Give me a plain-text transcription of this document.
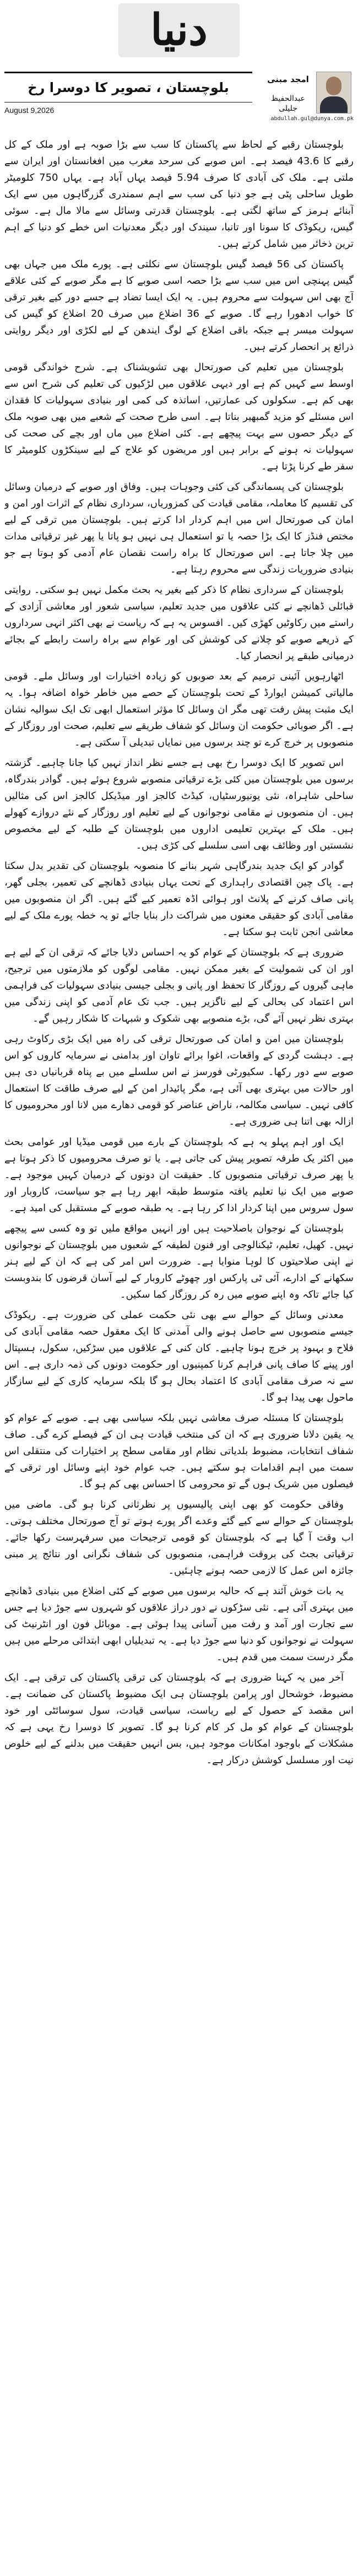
دنیا
بلوچستان ، تصویر کا دوسرا رخ
August 9,2026
امجد مبنی
عبدالحفیظ جلیلی
abdullah.gul@dunya.com.pk

بلوچستان رقبے کے لحاظ سے پاکستان کا سب سے بڑا صوبہ ہے اور ملک کے کل رقبے کا 43.6 فیصد ہے۔ اس صوبے کی سرحد مغرب میں افغانستان اور ایران سے ملتی ہے۔ ملک کی آبادی کا صرف 5.94 فیصد یہاں آباد ہے۔ یہاں 750 کلومیٹر طویل ساحلی پٹی ہے جو دنیا کی سب سے اہم سمندری گزرگاہوں میں سے ایک آبنائے ہرمز کے ساتھ لگتی ہے۔ بلوچستان قدرتی وسائل سے مالا مال ہے۔ سوئی گیس، ریکوڈک کا سونا اور تانبا، سیندک اور دیگر معدنیات اس خطے کو دنیا کے اہم ترین ذخائر میں شامل کرتے ہیں۔

پاکستان کی 56 فیصد گیس بلوچستان سے نکلتی ہے۔ پورے ملک میں جہاں بھی گیس پہنچی اس میں سب سے بڑا حصہ اسی صوبے کا ہے مگر صوبے کے کئی علاقے آج بھی اس سہولت سے محروم ہیں۔ یہ ایک ایسا تضاد ہے جسے دور کیے بغیر ترقی کا خواب ادھورا رہے گا۔ صوبے کے 36 اضلاع میں صرف 20 اضلاع کو گیس کی سہولت میسر ہے جبکہ باقی اضلاع کے لوگ ایندھن کے لیے لکڑی اور دیگر روایتی ذرائع پر انحصار کرتے ہیں۔

بلوچستان میں تعلیم کی صورتحال بھی تشویشناک ہے۔ شرح خواندگی قومی اوسط سے کہیں کم ہے اور دیہی علاقوں میں لڑکیوں کی تعلیم کی شرح اس سے بھی کم ہے۔ سکولوں کی عمارتیں، اساتذہ کی کمی اور بنیادی سہولیات کا فقدان اس مسئلے کو مزید گمبھیر بناتا ہے۔ اسی طرح صحت کے شعبے میں بھی صوبہ ملک کے دیگر حصوں سے بہت پیچھے ہے۔ کئی اضلاع میں ماں اور بچے کی صحت کی سہولیات نہ ہونے کے برابر ہیں اور مریضوں کو علاج کے لیے سینکڑوں کلومیٹر کا سفر طے کرنا پڑتا ہے۔

بلوچستان کی پسماندگی کی کئی وجوہات ہیں۔ وفاق اور صوبے کے درمیان وسائل کی تقسیم کا معاملہ، مقامی قیادت کی کمزوریاں، سرداری نظام کے اثرات اور امن و امان کی صورتحال اس میں اہم کردار ادا کرتے ہیں۔ بلوچستان میں ترقی کے لیے مختص فنڈز کا ایک بڑا حصہ یا تو استعمال ہی نہیں ہو پاتا یا پھر غیر ترقیاتی مدات میں چلا جاتا ہے۔ اس صورتحال کا براہ راست نقصان عام آدمی کو ہوتا ہے جو بنیادی ضروریات زندگی سے محروم رہتا ہے۔

بلوچستان کے سرداری نظام کا ذکر کیے بغیر یہ بحث مکمل نہیں ہو سکتی۔ روایتی قبائلی ڈھانچے نے کئی علاقوں میں جدید تعلیم، سیاسی شعور اور معاشی آزادی کے راستے میں رکاوٹیں کھڑی کیں۔ افسوس یہ ہے کہ ریاست نے بھی اکثر انہی سرداروں کے ذریعے صوبے کو چلانے کی کوشش کی اور عوام سے براہ راست رابطے کے بجائے درمیانی طبقے پر انحصار کیا۔

اٹھارہویں آئینی ترمیم کے بعد صوبوں کو زیادہ اختیارات اور وسائل ملے۔ قومی مالیاتی کمیشن ایوارڈ کے تحت بلوچستان کے حصے میں خاطر خواہ اضافہ ہوا۔ یہ ایک مثبت پیش رفت تھی مگر ان وسائل کا مؤثر استعمال ابھی تک ایک سوالیہ نشان ہے۔ اگر صوبائی حکومت ان وسائل کو شفاف طریقے سے تعلیم، صحت اور روزگار کے منصوبوں پر خرچ کرے تو چند برسوں میں نمایاں تبدیلی آ سکتی ہے۔

اس تصویر کا ایک دوسرا رخ بھی ہے جسے نظر انداز نہیں کیا جانا چاہیے۔ گزشتہ برسوں میں بلوچستان میں کئی بڑے ترقیاتی منصوبے شروع ہوئے ہیں۔ گوادر بندرگاہ، ساحلی شاہراہ، نئی یونیورسٹیاں، کیڈٹ کالجز اور میڈیکل کالجز اس کی مثالیں ہیں۔ ان منصوبوں نے مقامی نوجوانوں کے لیے تعلیم اور روزگار کے نئے دروازے کھولے ہیں۔ ملک کے بہترین تعلیمی اداروں میں بلوچستان کے طلبہ کے لیے مخصوص نشستیں اور وظائف بھی اسی سلسلے کی کڑی ہیں۔

گوادر کو ایک جدید بندرگاہی شہر بنانے کا منصوبہ بلوچستان کی تقدیر بدل سکتا ہے۔ پاک چین اقتصادی راہداری کے تحت یہاں بنیادی ڈھانچے کی تعمیر، بجلی گھر، پانی صاف کرنے کے پلانٹ اور ہوائی اڈہ تعمیر کیے گئے ہیں۔ اگر ان منصوبوں میں مقامی آبادی کو حقیقی معنوں میں شراکت دار بنایا جائے تو یہ خطہ پورے ملک کے لیے معاشی انجن ثابت ہو سکتا ہے۔

ضروری ہے کہ بلوچستان کے عوام کو یہ احساس دلایا جائے کہ ترقی ان کے لیے ہے اور ان کی شمولیت کے بغیر ممکن نہیں۔ مقامی لوگوں کو ملازمتوں میں ترجیح، ماہی گیروں کے روزگار کا تحفظ اور پانی و بجلی جیسی بنیادی سہولیات کی فراہمی اس اعتماد کی بحالی کے لیے ناگزیر ہیں۔ جب تک عام آدمی کو اپنی زندگی میں بہتری نظر نہیں آئے گی، بڑے منصوبے بھی شکوک و شبہات کا شکار رہیں گے۔

بلوچستان میں امن و امان کی صورتحال ترقی کی راہ میں ایک بڑی رکاوٹ رہی ہے۔ دہشت گردی کے واقعات، اغوا برائے تاوان اور بدامنی نے سرمایہ کاروں کو اس صوبے سے دور رکھا۔ سکیورٹی فورسز نے اس سلسلے میں بے پناہ قربانیاں دی ہیں اور حالات میں بہتری بھی آئی ہے، مگر پائیدار امن کے لیے صرف طاقت کا استعمال کافی نہیں۔ سیاسی مکالمہ، ناراض عناصر کو قومی دھارے میں لانا اور محرومیوں کا ازالہ بھی اتنا ہی ضروری ہے۔

ایک اور اہم پہلو یہ ہے کہ بلوچستان کے بارے میں قومی میڈیا اور عوامی بحث میں اکثر یک طرفہ تصویر پیش کی جاتی ہے۔ یا تو صرف محرومیوں کا ذکر ہوتا ہے یا پھر صرف ترقیاتی منصوبوں کا۔ حقیقت ان دونوں کے درمیان کہیں موجود ہے۔ صوبے میں ایک نیا تعلیم یافتہ متوسط طبقہ ابھر رہا ہے جو سیاست، کاروبار اور سول سروس میں اپنا کردار ادا کر رہا ہے۔ یہ طبقہ صوبے کے مستقبل کی امید ہے۔

بلوچستان کے نوجوان باصلاحیت ہیں اور انہیں مواقع ملیں تو وہ کسی سے پیچھے نہیں۔ کھیل، تعلیم، ٹیکنالوجی اور فنون لطیفہ کے شعبوں میں بلوچستان کے نوجوانوں نے اپنی صلاحیتوں کا لوہا منوایا ہے۔ ضرورت اس امر کی ہے کہ ان کے لیے ہنر سکھانے کے ادارے، آئی ٹی پارکس اور چھوٹے کاروبار کے لیے آسان قرضوں کا بندوبست کیا جائے تاکہ وہ اپنے صوبے میں رہ کر روزگار کما سکیں۔

معدنی وسائل کے حوالے سے بھی نئی حکمت عملی کی ضرورت ہے۔ ریکوڈک جیسے منصوبوں سے حاصل ہونے والی آمدنی کا ایک معقول حصہ مقامی آبادی کی فلاح و بہبود پر خرچ ہونا چاہیے۔ کان کنی کے علاقوں میں سڑکیں، سکول، ہسپتال اور پینے کا صاف پانی فراہم کرنا کمپنیوں اور حکومت دونوں کی ذمہ داری ہے۔ اس سے نہ صرف مقامی آبادی کا اعتماد بحال ہو گا بلکہ سرمایہ کاری کے لیے سازگار ماحول بھی پیدا ہو گا۔

بلوچستان کا مسئلہ صرف معاشی نہیں بلکہ سیاسی بھی ہے۔ صوبے کے عوام کو یہ یقین دلانا ضروری ہے کہ ان کی منتخب قیادت ہی ان کے فیصلے کرے گی۔ صاف شفاف انتخابات، مضبوط بلدیاتی نظام اور مقامی سطح پر اختیارات کی منتقلی اس سمت میں اہم اقدامات ہو سکتے ہیں۔ جب عوام خود اپنے وسائل اور ترقی کے فیصلوں میں شریک ہوں گے تو محرومی کا احساس بھی کم ہو گا۔

وفاقی حکومت کو بھی اپنی پالیسیوں پر نظرثانی کرنا ہو گی۔ ماضی میں بلوچستان کے حوالے سے کیے گئے وعدے اگر پورے ہوتے تو آج صورتحال مختلف ہوتی۔ اب وقت آ گیا ہے کہ بلوچستان کو قومی ترجیحات میں سرفہرست رکھا جائے۔ ترقیاتی بجٹ کی بروقت فراہمی، منصوبوں کی شفاف نگرانی اور نتائج پر مبنی جائزہ اس عمل کا لازمی حصہ ہونے چاہئیں۔

یہ بات خوش آئند ہے کہ حالیہ برسوں میں صوبے کے کئی اضلاع میں بنیادی ڈھانچے میں بہتری آئی ہے۔ نئی سڑکوں نے دور دراز علاقوں کو شہروں سے جوڑ دیا ہے جس سے تجارت اور آمد و رفت میں آسانی پیدا ہوئی ہے۔ موبائل فون اور انٹرنیٹ کی سہولت نے نوجوانوں کو دنیا سے جوڑ دیا ہے۔ یہ تبدیلیاں ابھی ابتدائی مرحلے میں ہیں مگر درست سمت میں قدم ہیں۔

آخر میں یہ کہنا ضروری ہے کہ بلوچستان کی ترقی پاکستان کی ترقی ہے۔ ایک مضبوط، خوشحال اور پرامن بلوچستان ہی ایک مضبوط پاکستان کی ضمانت ہے۔ اس مقصد کے حصول کے لیے ریاست، سیاسی قیادت، سول سوسائٹی اور خود بلوچستان کے عوام کو مل کر کام کرنا ہو گا۔ تصویر کا دوسرا رخ یہی ہے کہ مشکلات کے باوجود امکانات موجود ہیں، بس انہیں حقیقت میں بدلنے کے لیے خلوص نیت اور مسلسل کوشش درکار ہے۔
